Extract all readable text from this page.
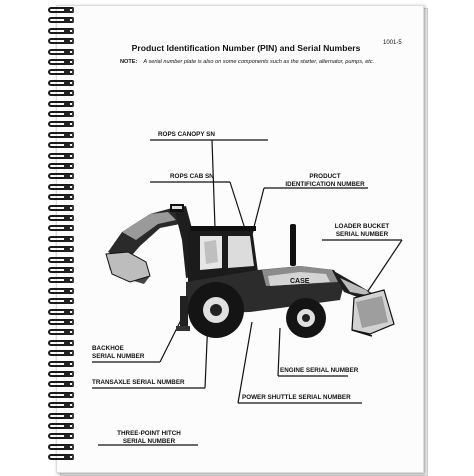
1001-5
Product Identification Number (PIN) and Serial Numbers
NOTE: A serial number plate is also on some components such as the starter, alternator, pumps, etc.
CASE
ROPS CANOPY SN
ROPS CAB SN	PRODUCT
IDENTIFICATION NUMBER
LOADER BUCKET
SERIAL NUMBER
BACKHOE
SERIAL NUMBER
ENGINE SERIAL NUMBER
TRANSAXLE SERIAL NUMBER
POWER SHUTTLE SERIAL NUMBER
THREE-POINT HITCH
SERIAL NUMBER
